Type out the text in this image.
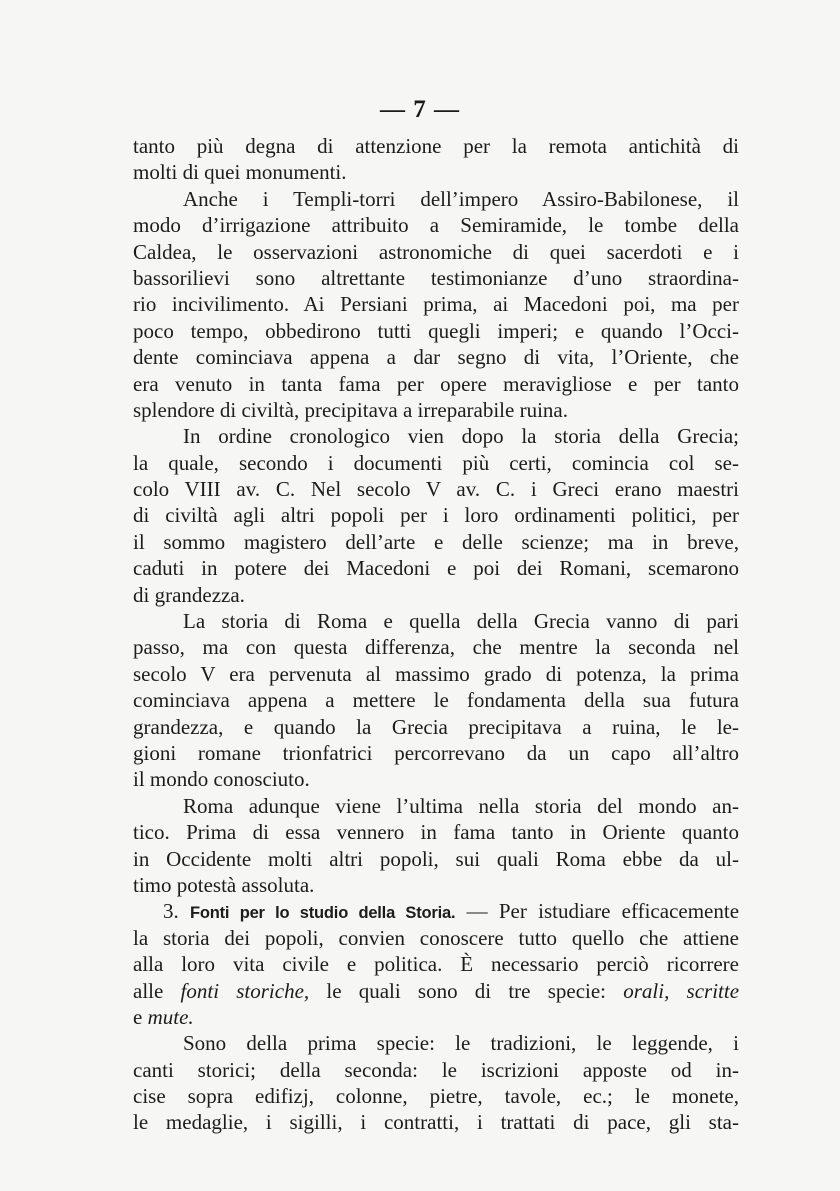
— 7 —
tanto più degna di attenzione per la remota antichità di
molti di quei monumenti.
Anche i Templi-torri dell’impero Assiro-Babilonese, il
modo d’irrigazione attribuito a Semiramide, le tombe della
Caldea, le osservazioni astronomiche di quei sacerdoti e i
bassorilievi sono altrettante testimonianze d’uno straordina-
rio incivilimento. Ai Persiani prima, ai Macedoni poi, ma per
poco tempo, obbedirono tutti quegli imperi; e quando l’Occi-
dente cominciava appena a dar segno di vita, l’Oriente, che
era venuto in tanta fama per opere meravigliose e per tanto
splendore di civiltà, precipitava a irreparabile ruina.
In ordine cronologico vien dopo la storia della Grecia;
la quale, secondo i documenti più certi, comincia col se-
colo VIII av. C. Nel secolo V av. C. i Greci erano maestri
di civiltà agli altri popoli per i loro ordinamenti politici, per
il sommo magistero dell’arte e delle scienze; ma in breve,
caduti in potere dei Macedoni e poi dei Romani, scemarono
di grandezza.
La storia di Roma e quella della Grecia vanno di pari
passo, ma con questa differenza, che mentre la seconda nel
secolo V era pervenuta al massimo grado di potenza, la prima
cominciava appena a mettere le fondamenta della sua futura
grandezza, e quando la Grecia precipitava a ruina, le le-
gioni romane trionfatrici percorrevano da un capo all’altro
il mondo conosciuto.
Roma adunque viene l’ultima nella storia del mondo an-
tico. Prima di essa vennero in fama tanto in Oriente quanto
in Occidente molti altri popoli, sui quali Roma ebbe da ul-
timo potestà assoluta.
3. Fonti per lo studio della Storia. — Per istudiare efficacemente
la storia dei popoli, convien conoscere tutto quello che attiene
alla loro vita civile e politica. È necessario perciò ricorrere
alle fonti storiche, le quali sono di tre specie: orali, scritte
e mute.
Sono della prima specie: le tradizioni, le leggende, i
canti storici; della seconda: le iscrizioni apposte od in-
cise sopra edifizj, colonne, pietre, tavole, ec.; le monete,
le medaglie, i sigilli, i contratti, i trattati di pace, gli sta-
